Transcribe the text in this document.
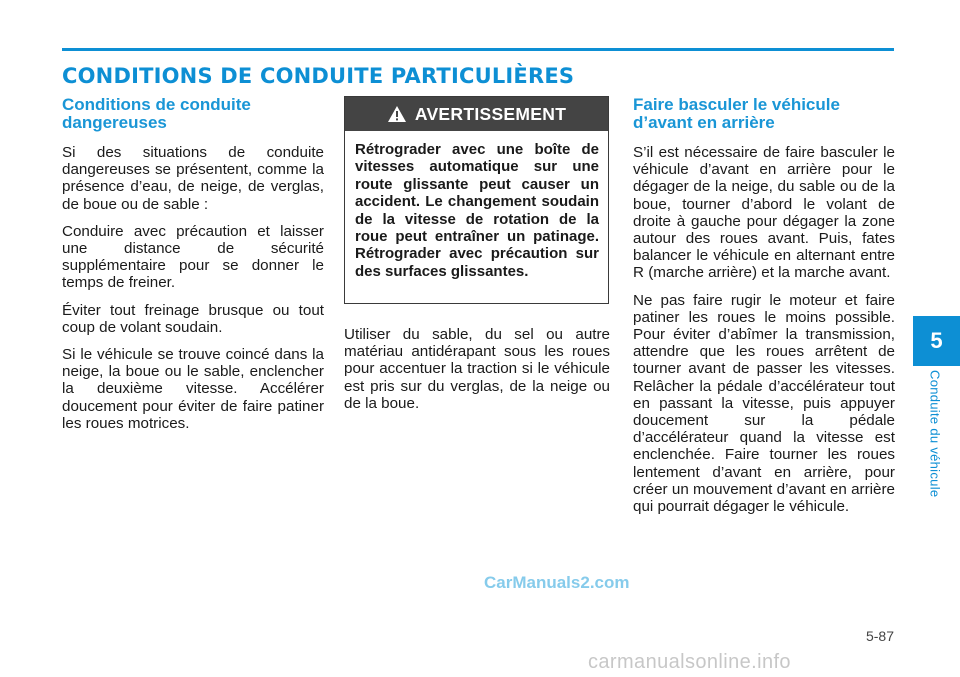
CONDITIONS DE CONDUITE PARTICULIÈRES
Conditions de conduite dangereuses

Si des situations de conduite dangereuses se présentent, comme la présence d’eau, de neige, de verglas, de boue ou de sable :

Conduire avec précaution et laisser une distance de sécurité supplémentaire pour se donner le temps de freiner.

Éviter tout freinage brusque ou tout coup de volant soudain.

Si le véhicule se trouve coincé dans la neige, la boue ou le sable, enclencher la deuxième vitesse. Accélérer doucement pour éviter de faire patiner les roues motrices.

AVERTISSEMENT

Rétrograder avec une boîte de vitesses automatique sur une route glissante peut causer un accident. Le changement soudain de la vitesse de rotation de la roue peut entraîner un patinage. Rétrograder avec précaution sur des surfaces glissantes.

Utiliser du sable, du sel ou autre matériau antidérapant sous les roues pour accentuer la traction si le véhicule est pris sur du verglas, de la neige ou de la boue.

Faire basculer le véhicule d’avant en arrière

S’il est nécessaire de faire basculer le véhicule d’avant en arrière pour le dégager de la neige, du sable ou de la boue, tourner d’abord le volant de droite à gauche pour dégager la zone autour des roues avant. Puis, fates balancer le véhicule en alternant entre R (marche arrière) et la marche avant.

Ne pas faire rugir le moteur et faire patiner les roues le moins possible. Pour éviter d’abîmer la transmission, attendre que les roues arrêtent de tourner avant de passer les vitesses. Relâcher la pédale d’accélérateur tout en passant la vitesse, puis appuyer doucement sur la pédale d’accélérateur quand la vitesse est enclenchée. Faire tourner les roues lentement d’avant en arrière, pour créer un mouvement d’avant en arrière qui pourrait dégager le véhicule.

5
Conduite du véhicule
CarManuals2.com
5-87
carmanualsonline.info
